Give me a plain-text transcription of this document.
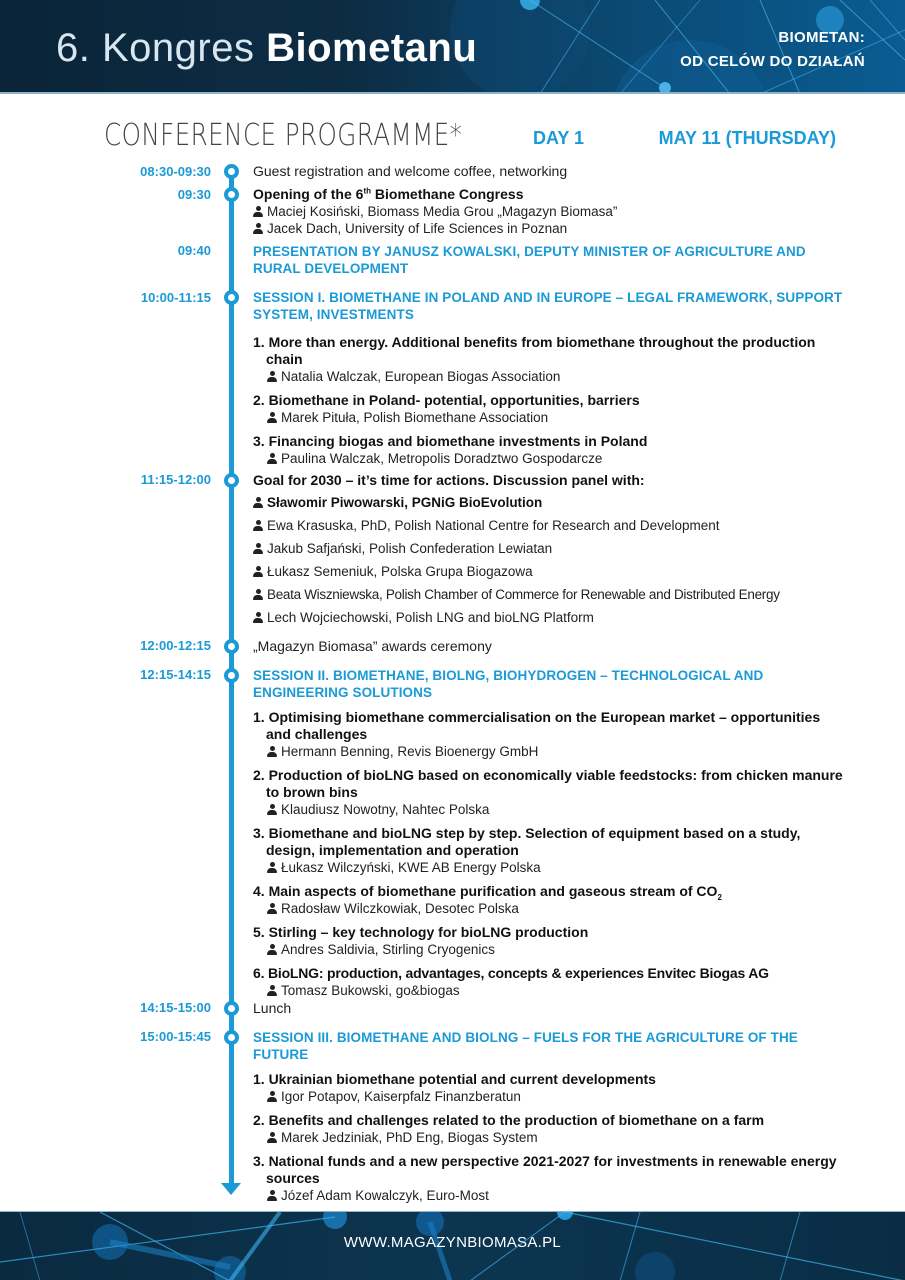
6. Kongres Biometanu	BIOMETAN:
OD CELÓW DO DZIAŁAŃ
CONFERENCE PROGRAMME*	DAY 1	MAY 11 (THURSDAY)
08:30-09:30	Guest registration and welcome coffee, networking
09:30	Opening of the 6th Biomethane Congress
Maciej Kosiński, Biomass Media Grou „Magazyn Biomasa”
Jacek Dach, University of Life Sciences in Poznan
09:40	PRESENTATION BY JANUSZ KOWALSKI, DEPUTY MINISTER OF AGRICULTURE AND RURAL DEVELOPMENT
10:00-11:15	SESSION I. BIOMETHANE IN POLAND AND IN EUROPE – LEGAL FRAMEWORK, SUPPORT SYSTEM, INVESTMENTS
1. More than energy. Additional benefits from biomethane throughout the production chain
Natalia Walczak, European Biogas Association
2. Biomethane in Poland- potential, opportunities, barriers
Marek Pituła, Polish Biomethane Association
3. Financing biogas and biomethane investments in Poland
Paulina Walczak, Metropolis Doradztwo Gospodarcze
11:15-12:00	Goal for 2030 – it’s time for actions. Discussion panel with:
Sławomir Piwowarski, PGNiG BioEvolution
Ewa Krasuska, PhD, Polish National Centre for Research and Development
Jakub Safjański, Polish Confederation Lewiatan
Łukasz Semeniuk, Polska Grupa Biogazowa
Beata Wiszniewska, Polish Chamber of Commerce for Renewable and Distributed Energy
Lech Wojciechowski, Polish LNG and bioLNG Platform
12:00-12:15	„Magazyn Biomasa” awards ceremony
12:15-14:15	SESSION II. BIOMETHANE, BIOLNG, BIOHYDROGEN – TECHNOLOGICAL AND ENGINEERING SOLUTIONS
1. Optimising biomethane commercialisation on the European market – opportunities and challenges
Hermann Benning, Revis Bioenergy GmbH
2. Production of bioLNG based on economically viable feedstocks: from chicken manure to brown bins
Klaudiusz Nowotny, Nahtec Polska
3. Biomethane and bioLNG step by step. Selection of equipment based on a study, design, implementation and operation
Łukasz Wilczyński, KWE AB Energy Polska
4. Main aspects of biomethane purification and gaseous stream of $CO_2$
Radosław Wilczkowiak, Desotec Polska
5. Stirling – key technology for bioLNG production
Andres Saldivia, Stirling Cryogenics
6. BioLNG: production, advantages, concepts & experiences Envitec Biogas AG
Tomasz Bukowski, go&biogas
14:15-15:00	Lunch
15:00-15:45	SESSION III. BIOMETHANE AND BIOLNG – FUELS FOR THE AGRICULTURE OF THE FUTURE
1. Ukrainian biomethane potential and current developments
Igor Potapov, Kaiserpfalz Finanzberatun
2. Benefits and challenges related to the production of biomethane on a farm
Marek Jedziniak, PhD Eng, Biogas System
3. National funds and a new perspective 2021-2027 for investments in renewable energy sources
Józef Adam Kowalczyk, Euro-Most
WWW.MAGAZYNBIOMASA.PL
